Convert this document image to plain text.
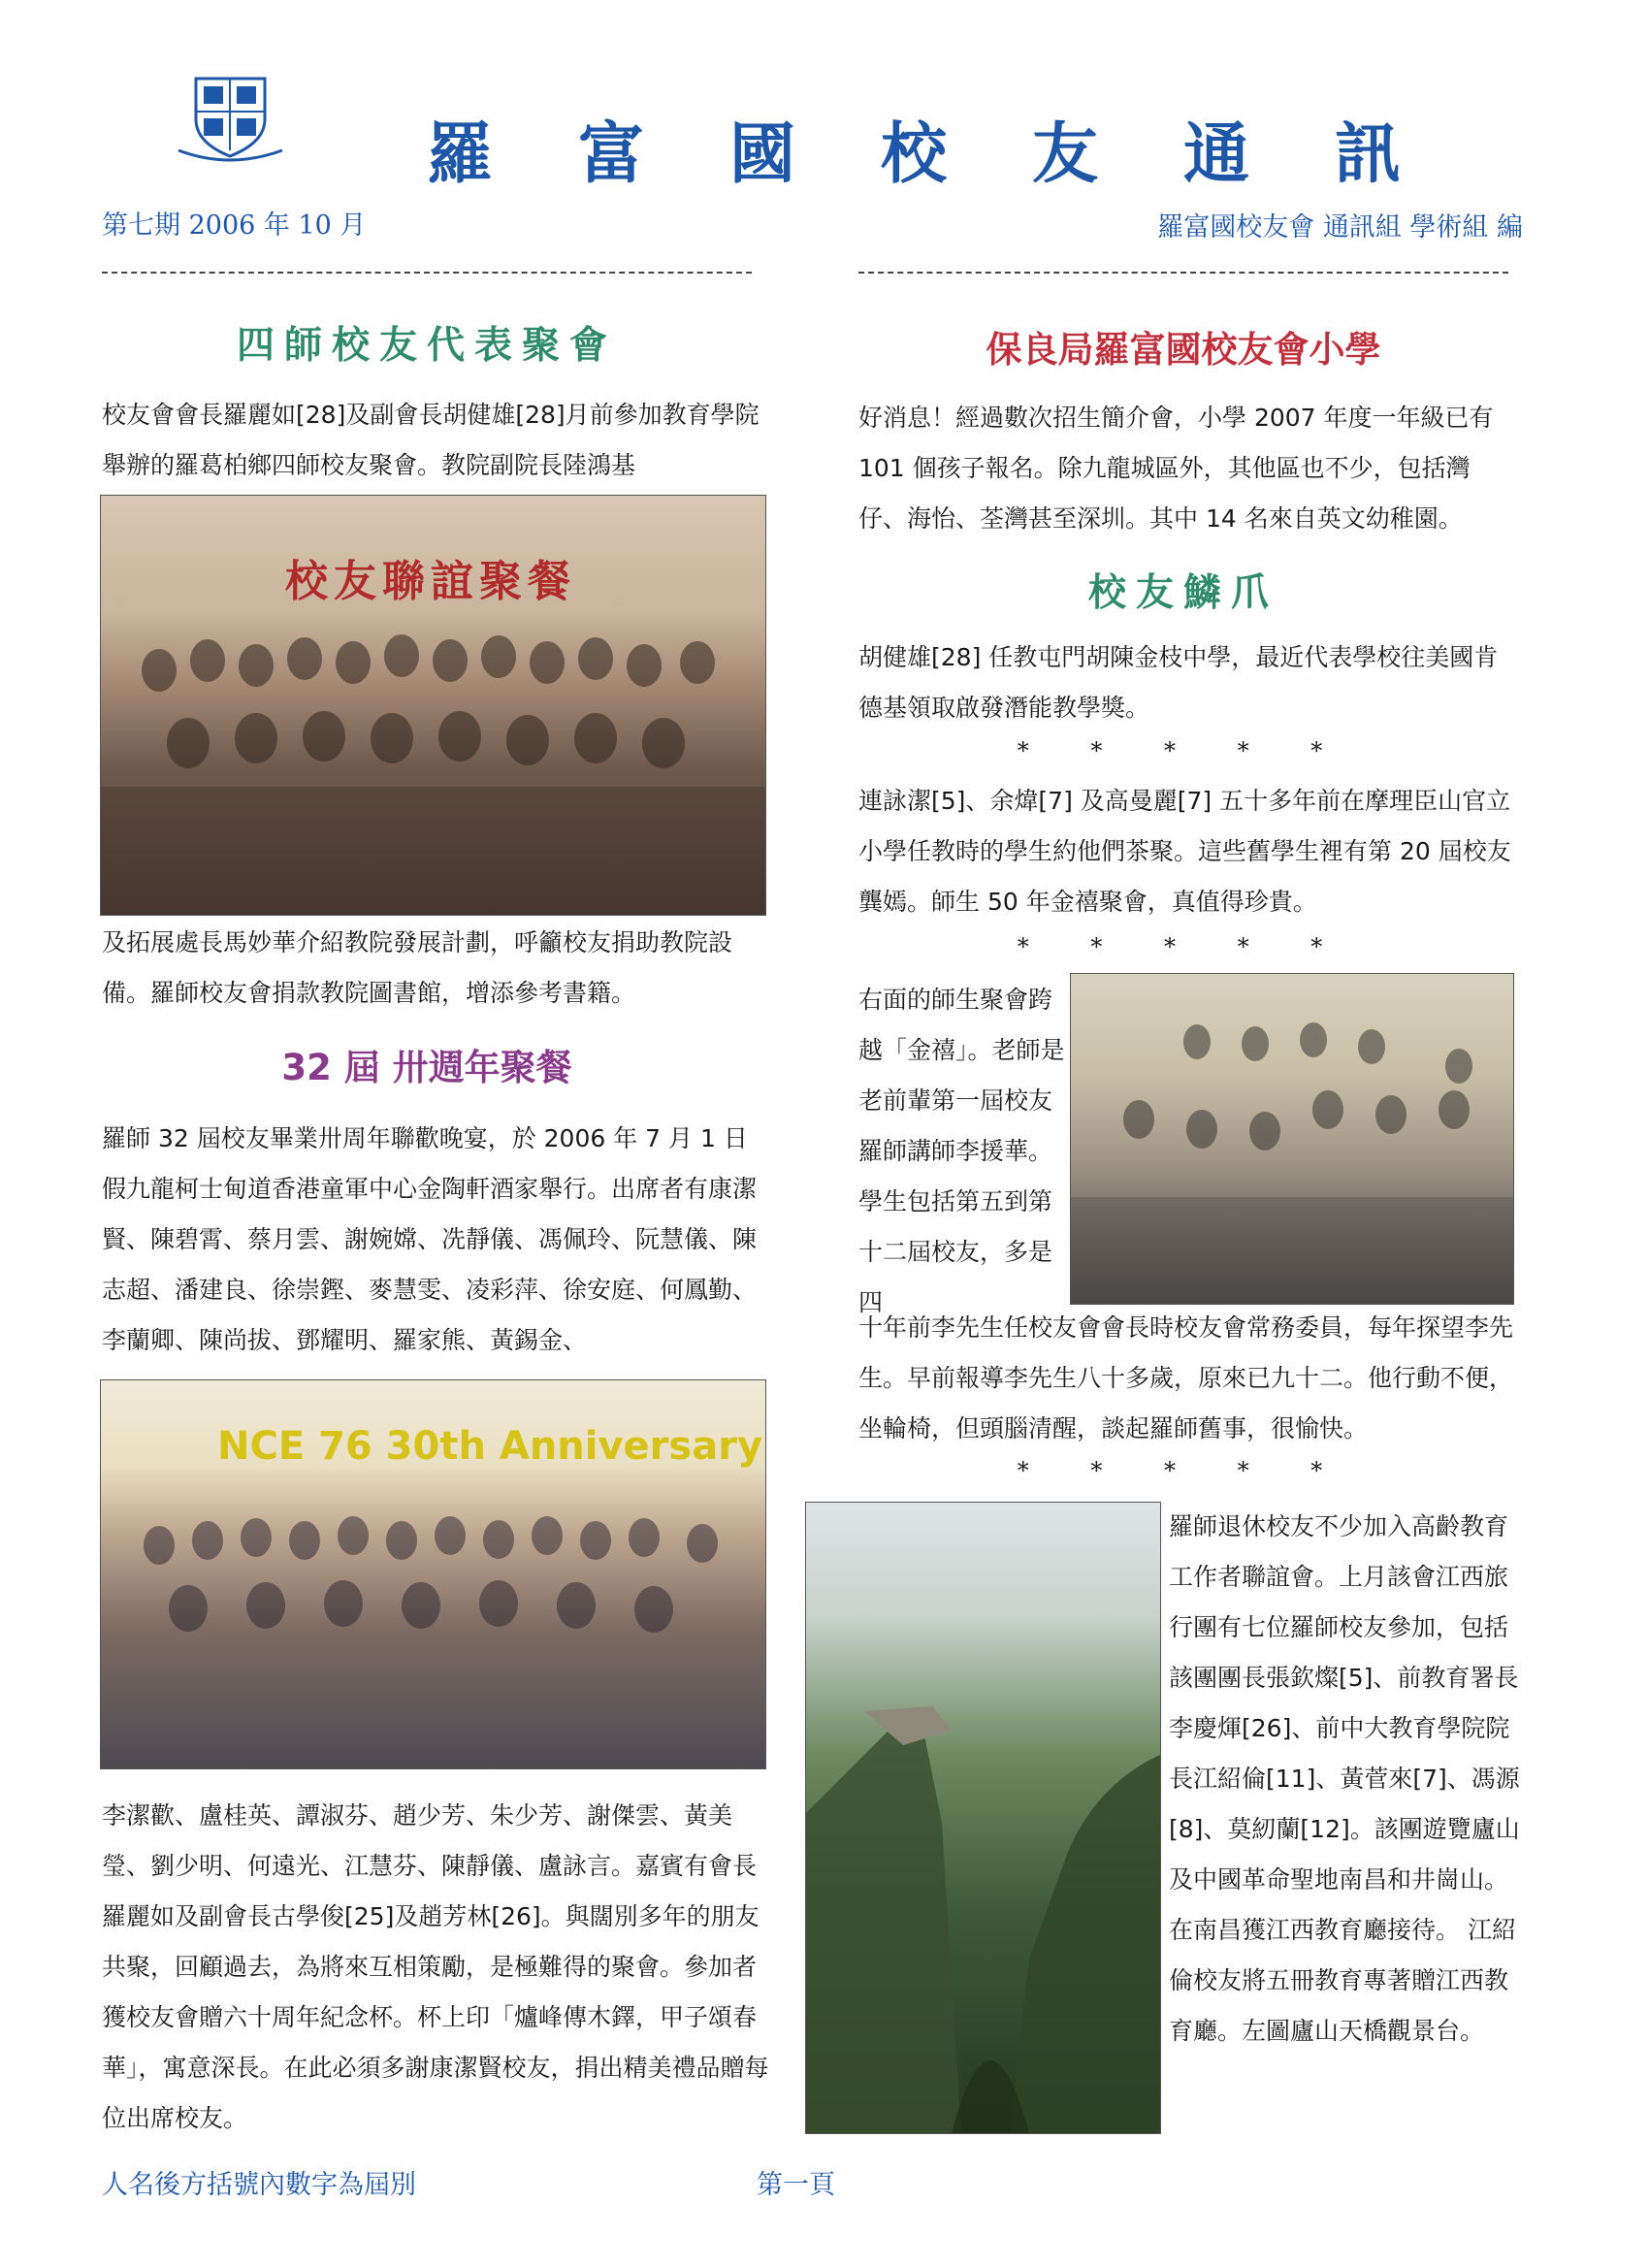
羅富國校友通訊
第七期 2006 年 10 月	羅富國校友會 通訊組 學術組 編
四師校友代表聚會
校友會會長羅麗如[28]及副會長胡健雄[28]月前參加教育學院舉辦的羅葛柏鄉四師校友聚會。教院副院長陸鴻基
校友聯誼聚餐
及拓展處長馬妙華介紹教院發展計劃，呼籲校友捐助教院設備。羅師校友會捐款教院圖書館，增添參考書籍。
32 屆 卅週年聚餐
羅師 32 屆校友畢業卅周年聯歡晚宴，於 2006 年 7 月 1 日假九龍柯士甸道香港童軍中心金陶軒酒家舉行。出席者有康潔賢、陳碧霄、蔡月雲、謝婉嫦、冼靜儀、馮佩玲、阮慧儀、陳志超、潘建良、徐崇鏗、麥慧雯、凌彩萍、徐安庭、何鳳勤、李蘭卿、陳尚拔、鄧耀明、羅家熊、黃錫金、
NCE 76 30th Anniversary
李潔歡、盧桂英、譚淑芬、趙少芳、朱少芳、謝傑雲、黃美瑩、劉少明、何遠光、江慧芬、陳靜儀、盧詠言。嘉賓有會長羅麗如及副會長古學俊[25]及趙芳林[26]。與闊別多年的朋友共聚，回顧過去，為將來互相策勵，是極難得的聚會。參加者獲校友會贈六十周年紀念杯。杯上印「爐峰傳木鐸，甲子頌春華」，寓意深長。在此必須多謝康潔賢校友，捐出精美禮品贈每位出席校友。
保良局羅富國校友會小學
好消息！經過數次招生簡介會，小學 2007 年度一年級已有 101 個孩子報名。除九龍城區外，其他區也不少，包括灣仔、海怡、荃灣甚至深圳。其中 14 名來自英文幼稚園。
校友鱗爪
胡健雄[28] 任教屯門胡陳金枝中學，最近代表學校往美國肯德基領取啟發潛能教學獎。
* * * * *
連詠潔[5]、余煒[7] 及高曼麗[7] 五十多年前在摩理臣山官立小學任教時的學生約他們茶聚。這些舊學生裡有第 20 屆校友龔嫣。師生 50 年金禧聚會，真值得珍貴。
* * * * *
右面的師生聚會跨越「金禧」。老師是老前輩第一屆校友羅師講師李援華。學生包括第五到第十二屆校友，多是四
十年前李先生任校友會會長時校友會常務委員，每年探望李先生。早前報導李先生八十多歲，原來已九十二。他行動不便，坐輪椅，但頭腦清醒，談起羅師舊事，很愉快。
* * * * *
羅師退休校友不少加入高齡教育工作者聯誼會。上月該會江西旅行團有七位羅師校友參加，包括該團團長張欽燦[5]、前教育署長李慶煇[26]、前中大教育學院院長江紹倫[11]、黃菅來[7]、馮源[8]、莫紉蘭[12]。該團遊覽廬山及中國革命聖地南昌和井崗山。在南昌獲江西教育廳接待。 江紹倫校友將五冊教育專著贈江西教育廳。左圖廬山天橋觀景台。
人名後方括號內數字為屆別	第一頁
